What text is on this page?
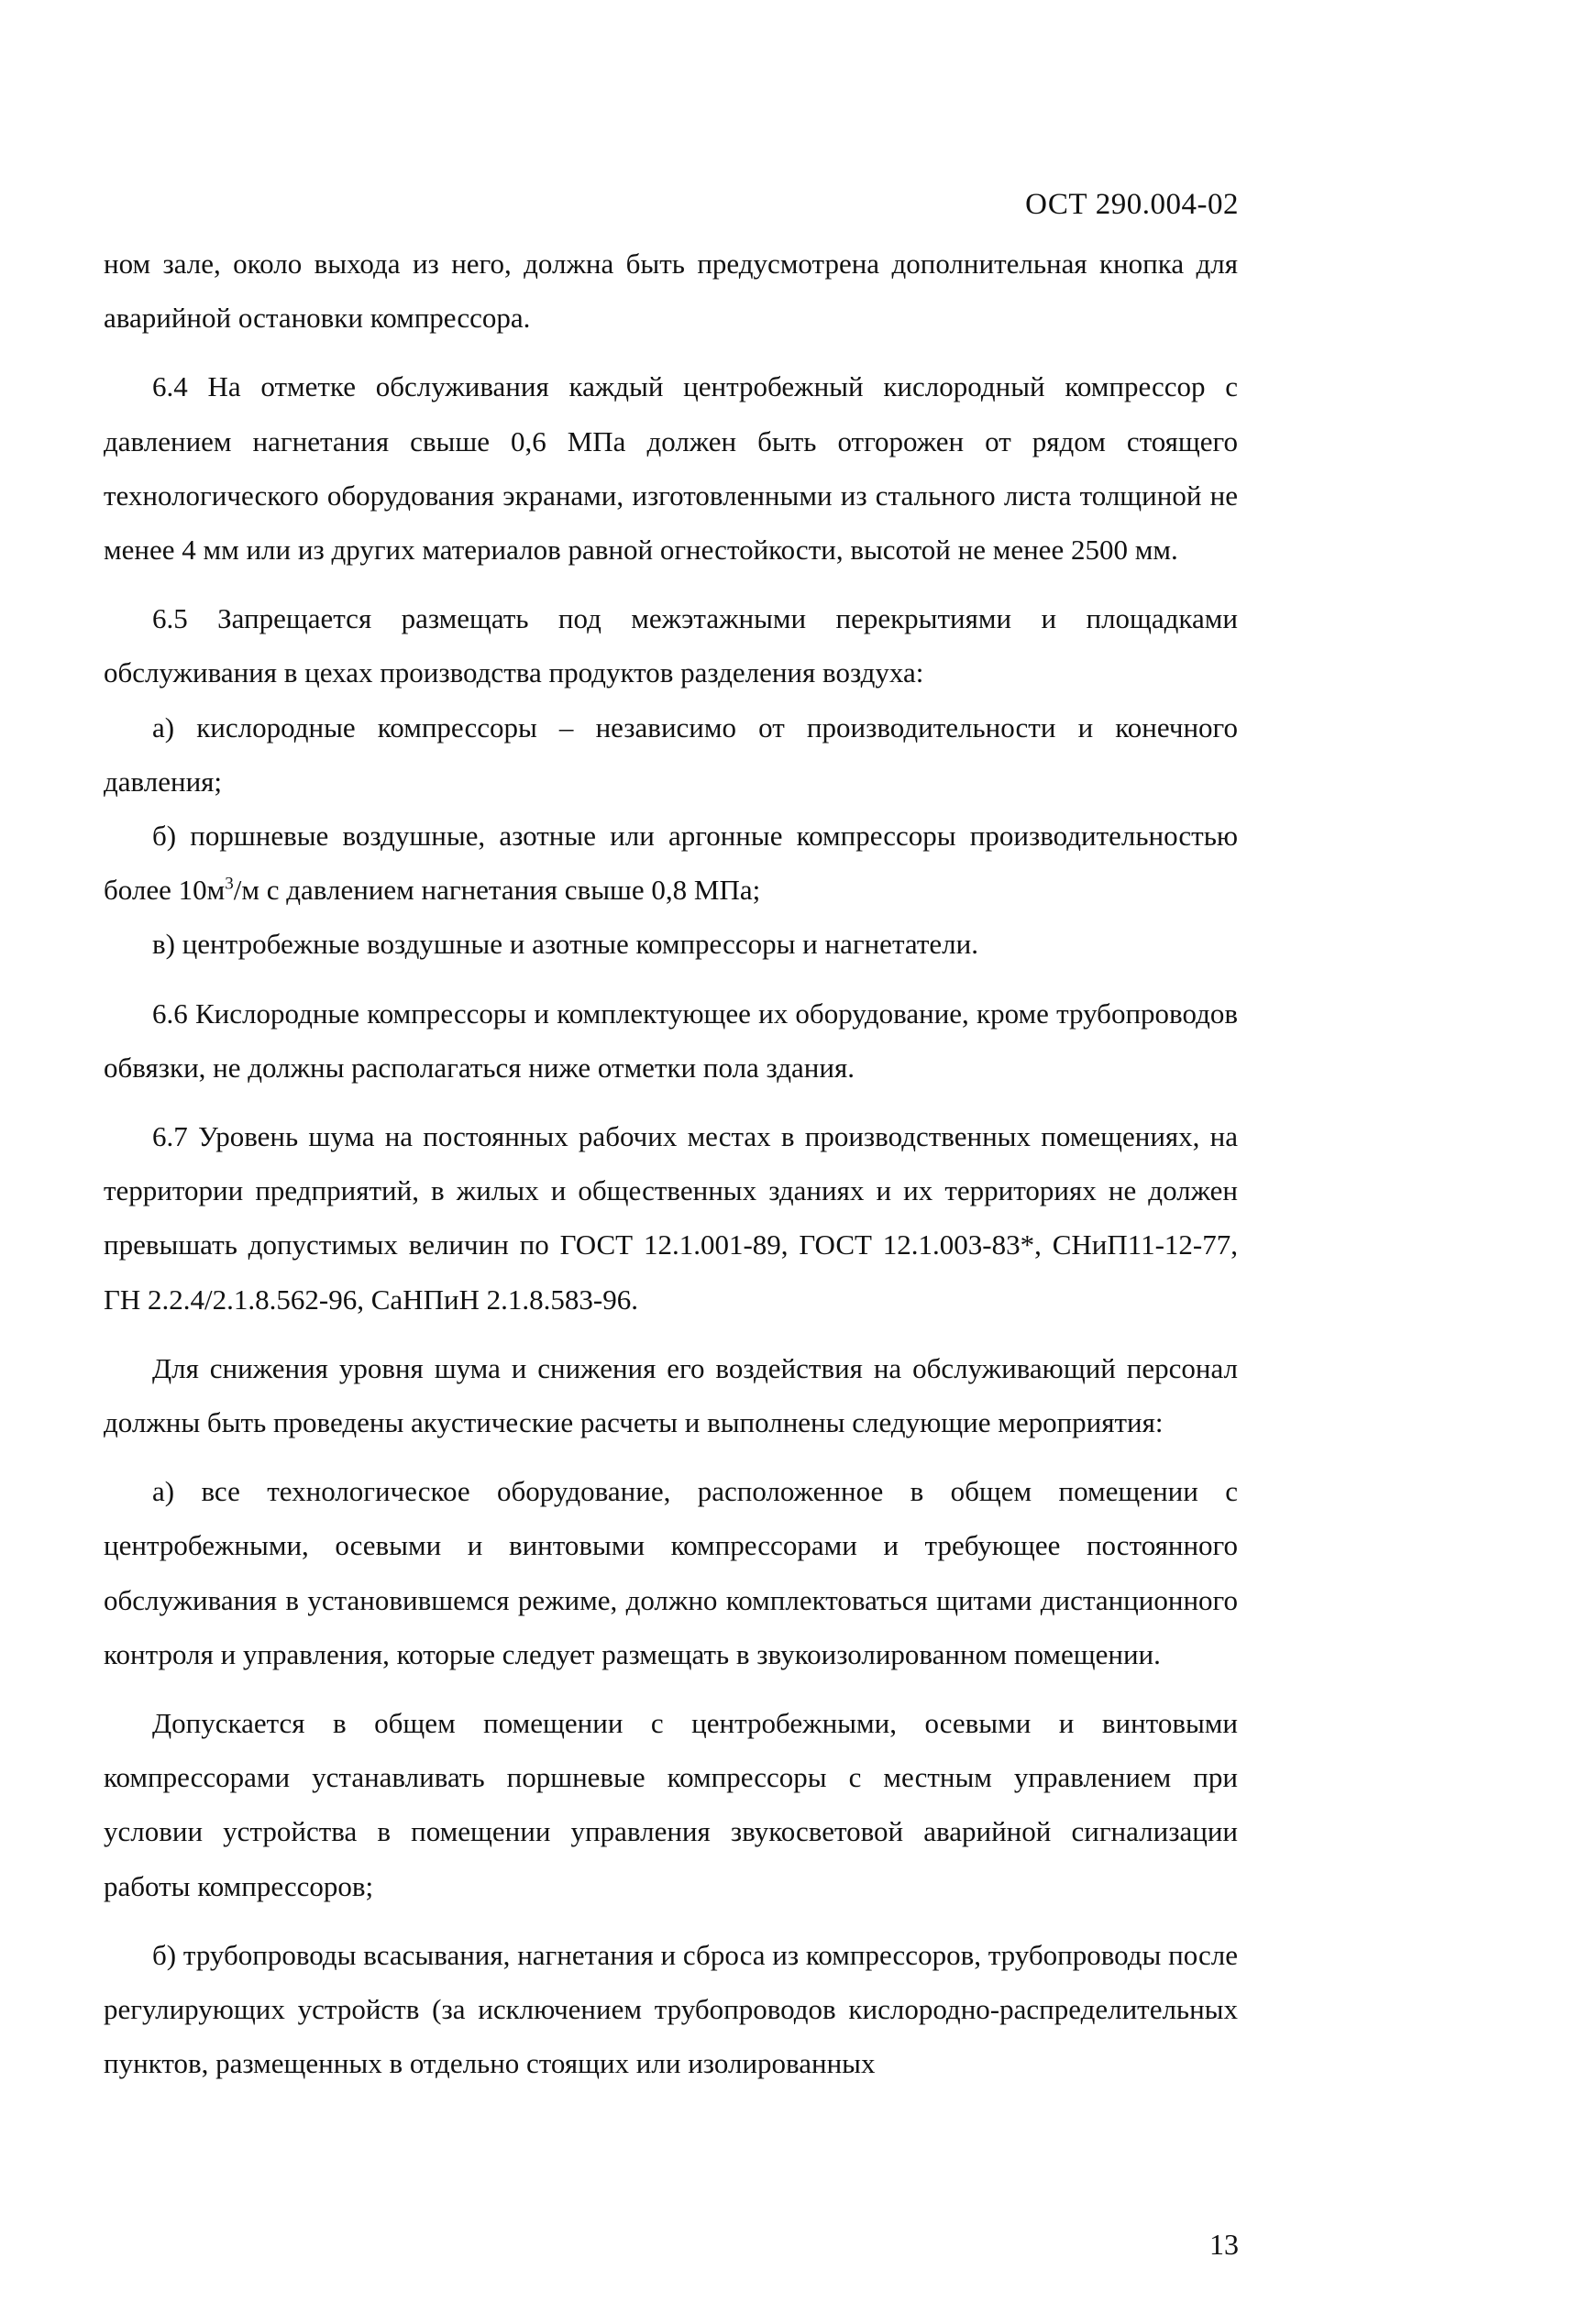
ОСТ 290.004-02

ном зале, около выхода из него, должна быть предусмотрена дополнительная кнопка для аварийной остановки компрессора.

6.4 На отметке обслуживания каждый центробежный кислородный компрессор с давлением нагнетания свыше 0,6 МПа должен быть отгорожен от рядом стоящего технологического оборудования экранами, изготовленными из стального листа толщиной не менее 4 мм или из других материалов равной огнестойкости, высотой не менее 2500 мм.

6.5 Запрещается размещать под межэтажными перекрытиями и площадками обслуживания в цехах производства продуктов разделения воздуха:

а) кислородные компрессоры – независимо от производительности и конечного давления;

б) поршневые воздушные, азотные или аргонные компрессоры производительностью более $10м^3/м$ с давлением нагнетания свыше 0,8 МПа;

в) центробежные воздушные и азотные компрессоры и нагнетатели.

6.6 Кислородные компрессоры и комплектующее их оборудование, кроме трубопроводов обвязки, не должны располагаться ниже отметки пола здания.

6.7 Уровень шума на постоянных рабочих местах в производственных помещениях, на территории предприятий, в жилых и общественных зданиях и их территориях не должен превышать допустимых величин по ГОСТ 12.1.001-89, ГОСТ 12.1.003-83*, СНиП11-12-77, ГН 2.2.4/2.1.8.562-96, СаНПиН 2.1.8.583-96.

Для снижения уровня шума и снижения его воздействия на обслуживающий персонал должны быть проведены акустические расчеты и выполнены следующие мероприятия:

а) все технологическое оборудование, расположенное в общем помещении с центробежными, осевыми и винтовыми компрессорами и требующее постоянного обслуживания в установившемся режиме, должно комплектоваться щитами дистанционного контроля и управления, которые следует размещать в звукоизолированном помещении.

Допускается в общем помещении с центробежными, осевыми и винтовыми компрессорами устанавливать поршневые компрессоры с местным управлением при условии устройства в помещении управления звукосветовой аварийной сигнализации работы компрессоров;

б) трубопроводы всасывания, нагнетания и сброса из компрессоров, трубопроводы после регулирующих устройств (за исключением трубопроводов кислородно-распределительных пунктов, размещенных в отдельно стоящих или изолированных

13
